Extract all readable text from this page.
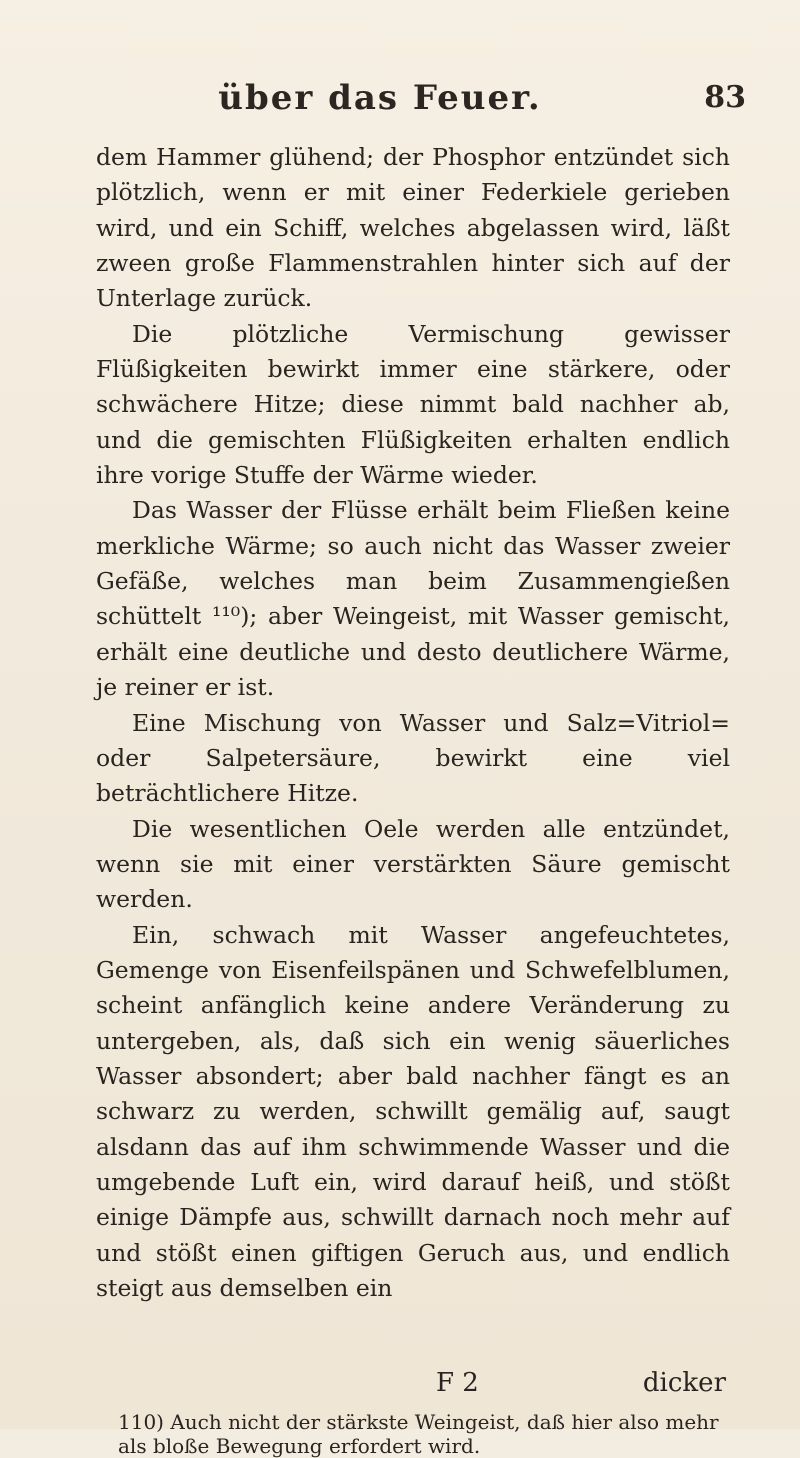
über das Feuer.	83

dem Hammer glühend; der Phosphor entzündet sich plötzlich, wenn er mit einer Federkiele gerieben wird, und ein Schiff, welches abgelassen wird, läßt zween große Flammenstrahlen hinter sich auf der Unterlage zurück.

Die plötzliche Vermischung gewisser Flüßigkeiten bewirkt immer eine stärkere, oder schwächere Hitze; diese nimmt bald nachher ab, und die gemischten Flüßigkeiten erhalten endlich ihre vorige Stuffe der Wärme wieder.

Das Wasser der Flüsse erhält beim Fließen keine merkliche Wärme; so auch nicht das Wasser zweier Gefäße, welches man beim Zusammengießen schüttelt ¹¹⁰); aber Weingeist, mit Wasser gemischt, erhält eine deutliche und desto deutlichere Wärme, je reiner er ist.

Eine Mischung von Wasser und Salz=Vitriol= oder Salpetersäure, bewirkt eine viel beträchtlichere Hitze.

Die wesentlichen Oele werden alle entzündet, wenn sie mit einer verstärkten Säure gemischt werden.

Ein, schwach mit Wasser angefeuchtetes, Gemenge von Eisenfeilspänen und Schwefelblumen, scheint anfänglich keine andere Veränderung zu untergeben, als, daß sich ein wenig säuerliches Wasser absondert; aber bald nachher fängt es an schwarz zu werden, schwillt gemälig auf, saugt alsdann das auf ihm schwimmende Wasser und die umgebende Luft ein, wird darauf heiß, und stößt einige Dämpfe aus, schwillt darnach noch mehr auf und stößt einen giftigen Geruch aus, und endlich steigt aus demselben ein

F 2	dicker
110) Auch nicht der stärkste Weingeist, daß hier also mehr als bloße Bewegung erfordert wird.
